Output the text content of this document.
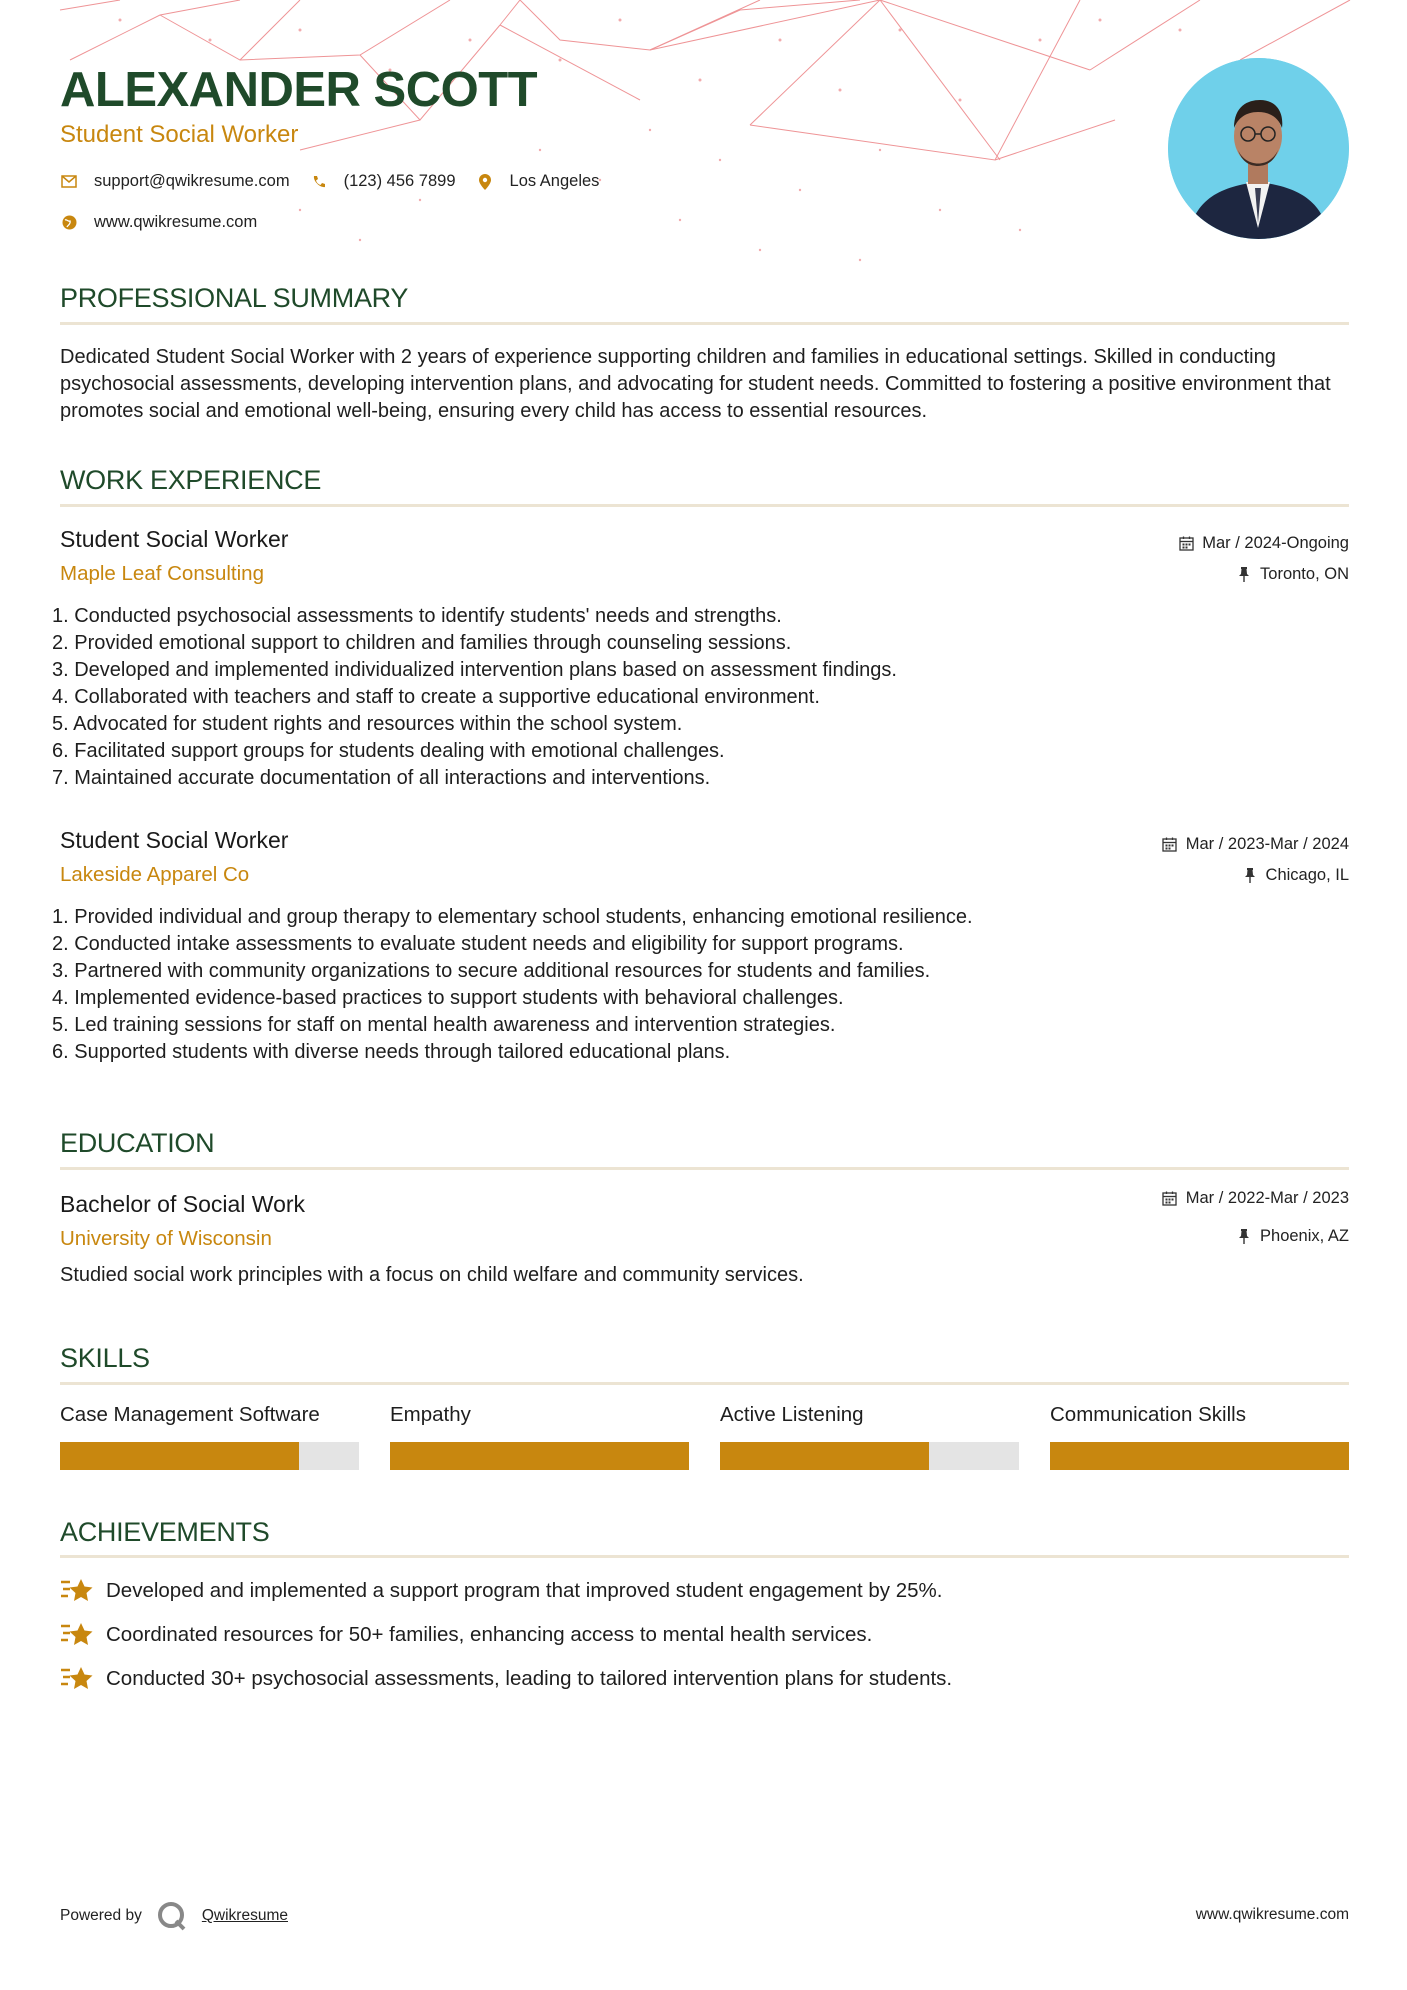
ALEXANDER SCOTT
Student Social Worker
support@qwikresume.com	(123) 456 7899	Los Angeles
www.qwikresume.com
PROFESSIONAL SUMMARY

Dedicated Student Social Worker with 2 years of experience supporting children and families in educational settings. Skilled in conducting psychosocial assessments, developing intervention plans, and advocating for student needs. Committed to fostering a positive environment that promotes social and emotional well-being, ensuring every child has access to essential resources.

WORK EXPERIENCE
Student Social Worker
Maple Leaf Consulting
Mar / 2024-Ongoing
Toronto, ON
1. Conducted psychosocial assessments to identify students' needs and strengths.
2. Provided emotional support to children and families through counseling sessions.
3. Developed and implemented individualized intervention plans based on assessment findings.
4. Collaborated with teachers and staff to create a supportive educational environment.
5. Advocated for student rights and resources within the school system.
6. Facilitated support groups for students dealing with emotional challenges.
7. Maintained accurate documentation of all interactions and interventions.
Student Social Worker
Lakeside Apparel Co
Mar / 2023-Mar / 2024
Chicago, IL
1. Provided individual and group therapy to elementary school students, enhancing emotional resilience.
2. Conducted intake assessments to evaluate student needs and eligibility for support programs.
3. Partnered with community organizations to secure additional resources for students and families.
4. Implemented evidence-based practices to support students with behavioral challenges.
5. Led training sessions for staff on mental health awareness and intervention strategies.
6. Supported students with diverse needs through tailored educational plans.
EDUCATION
Bachelor of Social Work
University of Wisconsin
Mar / 2022-Mar / 2023
Phoenix, AZ

Studied social work principles with a focus on child welfare and community services.

SKILLS
Case Management Software	Empathy	Active Listening	Communication Skills
ACHIEVEMENTS
Developed and implemented a support program that improved student engagement by 25%.
Coordinated resources for 50+ families, enhancing access to mental health services.
Conducted 30+ psychosocial assessments, leading to tailored intervention plans for students.
Powered by	Qwikresume	www.qwikresume.com
